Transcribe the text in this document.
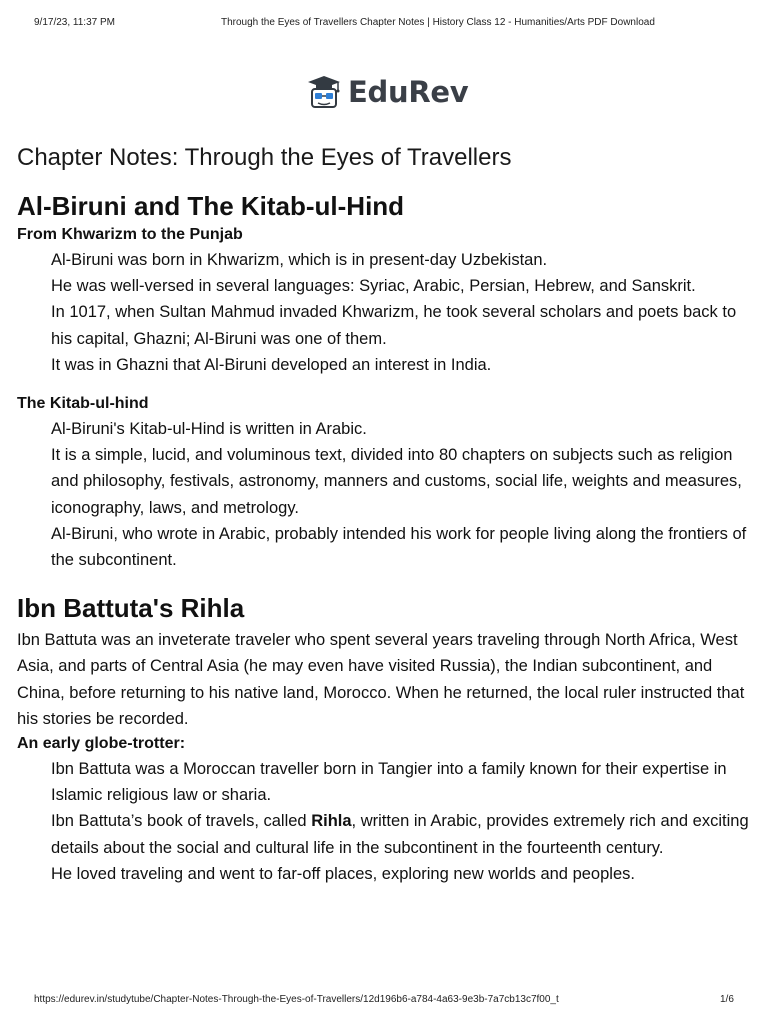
9/17/23, 11:37 PM	Through the Eyes of Travellers Chapter Notes | History Class 12 - Humanities/Arts PDF Download
EduRev
Chapter Notes: Through the Eyes of Travellers
Al-Biruni and The Kitab-ul-Hind
From Khwarizm to the Punjab
Al-Biruni was born in Khwarizm, which is in present-day Uzbekistan.
He was well-versed in several languages: Syriac, Arabic, Persian, Hebrew, and Sanskrit.
In 1017, when Sultan Mahmud invaded Khwarizm, he took several scholars and poets back to his capital, Ghazni; Al-Biruni was one of them.
It was in Ghazni that Al-Biruni developed an interest in India.
The Kitab-ul-hind
Al-Biruni's Kitab-ul-Hind is written in Arabic.
It is a simple, lucid, and voluminous text, divided into 80 chapters on subjects such as religion and philosophy, festivals, astronomy, manners and customs, social life, weights and measures, iconography, laws, and metrology.
Al-Biruni, who wrote in Arabic, probably intended his work for people living along the frontiers of the subcontinent.
Ibn Battuta's Rihla

Ibn Battuta was an inveterate traveler who spent several years traveling through North Africa, West Asia, and parts of Central Asia (he may even have visited Russia), the Indian subcontinent, and China, before returning to his native land, Morocco. When he returned, the local ruler instructed that his stories be recorded.

An early globe-trotter:
Ibn Battuta was a Moroccan traveller born in Tangier into a family known for their expertise in Islamic religious law or sharia.
Ibn Battuta’s book of travels, called Rihla, written in Arabic, provides extremely rich and exciting details about the social and cultural life in the subcontinent in the fourteenth century.
He loved traveling and went to far-off places, exploring new worlds and peoples.
https://edurev.in/studytube/Chapter-Notes-Through-the-Eyes-of-Travellers/12d196b6-a784-4a63-9e3b-7a7cb13c7f00_t	1/6
